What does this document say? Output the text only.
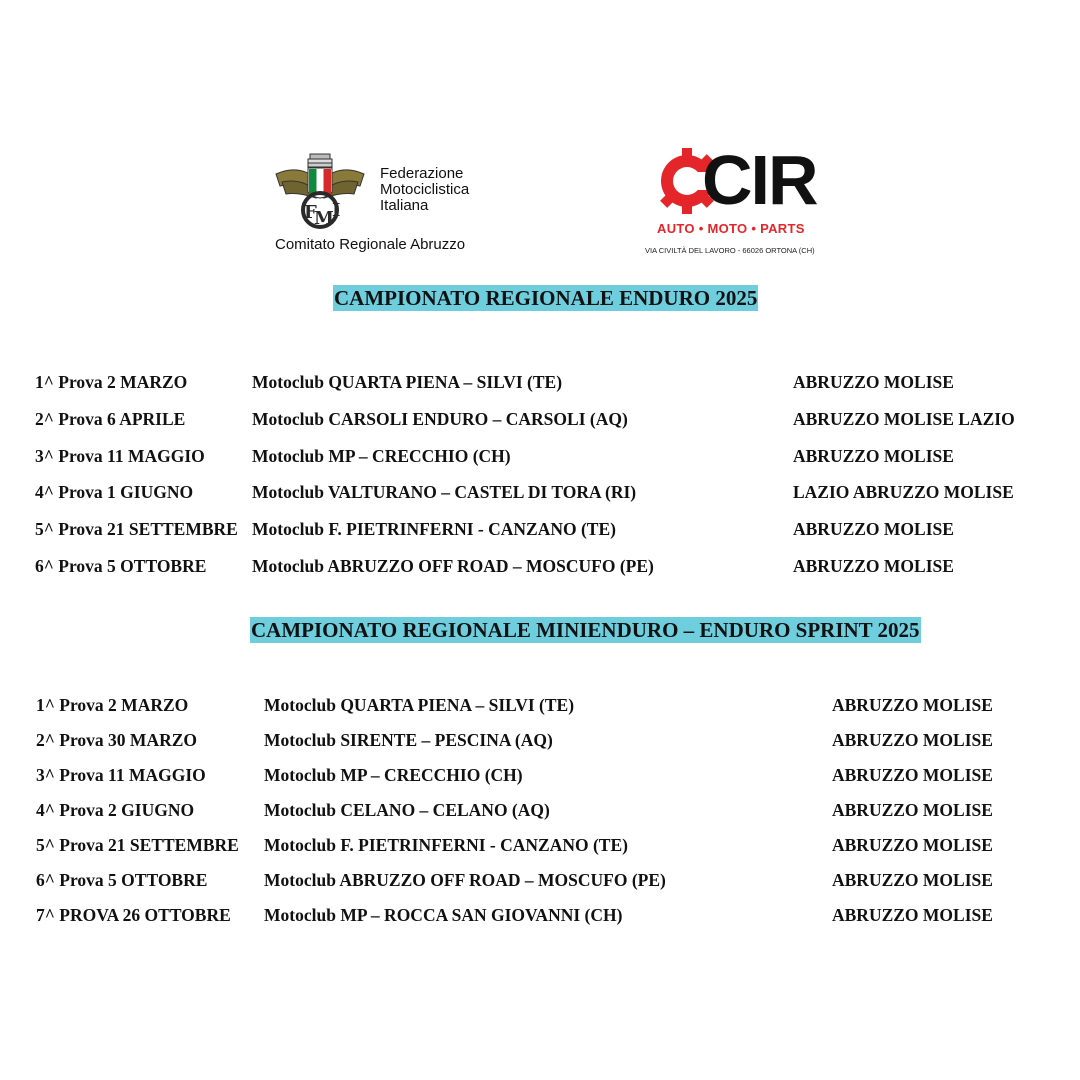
F
M
I
Federazione
Motociclistica
Italiana
Comitato Regionale Abruzzo
CIR
AUTO • MOTO • PARTS
VIA CIVILTÀ DEL LAVORO - 66026 ORTONA (CH)
CAMPIONATO REGIONALE ENDURO 2025
1^ Prova 2 MARZO	Motoclub QUARTA PIENA – SILVI (TE)	ABRUZZO MOLISE
2^ Prova 6 APRILE	Motoclub CARSOLI ENDURO – CARSOLI (AQ)	ABRUZZO MOLISE LAZIO
3^ Prova 11 MAGGIO	Motoclub MP – CRECCHIO (CH)	ABRUZZO MOLISE
4^ Prova 1 GIUGNO	Motoclub VALTURANO – CASTEL DI TORA (RI)	LAZIO ABRUZZO MOLISE
5^ Prova 21 SETTEMBRE Motoclub F. PIETRINFERNI - CANZANO (TE)	ABRUZZO MOLISE
6^ Prova 5 OTTOBRE	Motoclub ABRUZZO OFF ROAD – MOSCUFO (PE)	ABRUZZO MOLISE
CAMPIONATO REGIONALE MINIENDURO – ENDURO SPRINT 2025
1^ Prova 2 MARZO	Motoclub QUARTA PIENA – SILVI (TE)	ABRUZZO MOLISE
2^ Prova 30 MARZO	Motoclub SIRENTE – PESCINA (AQ)	ABRUZZO MOLISE
3^ Prova 11 MAGGIO	Motoclub MP – CRECCHIO (CH)	ABRUZZO MOLISE
4^ Prova 2 GIUGNO	Motoclub CELANO – CELANO (AQ)	ABRUZZO MOLISE
5^ Prova 21 SETTEMBRE Motoclub F. PIETRINFERNI - CANZANO (TE)	ABRUZZO MOLISE
6^ Prova 5 OTTOBRE	Motoclub ABRUZZO OFF ROAD – MOSCUFO (PE)	ABRUZZO MOLISE
7^ PROVA 26 OTTOBRE Motoclub MP – ROCCA SAN GIOVANNI (CH)	ABRUZZO MOLISE
